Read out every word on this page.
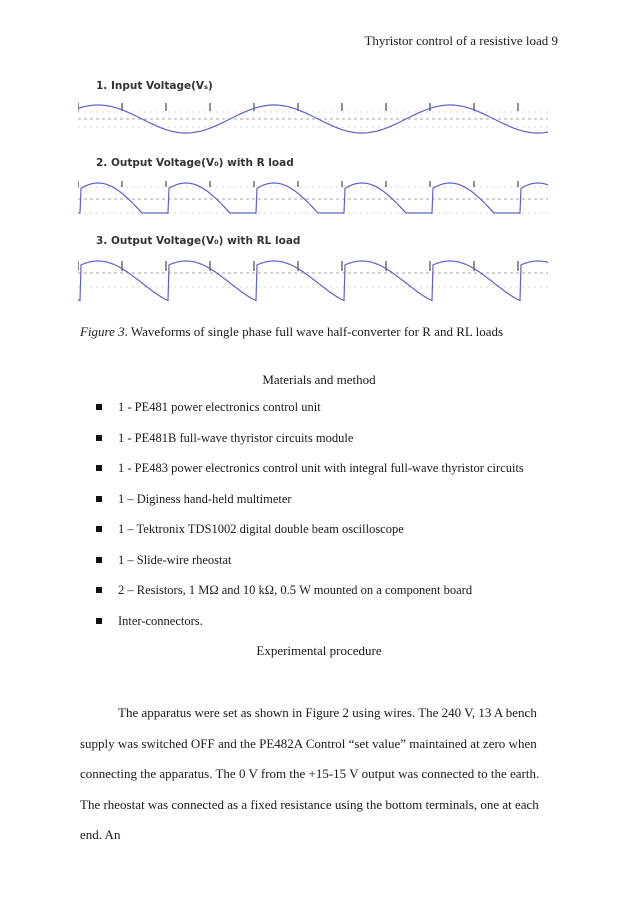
Thyristor control of a resistive load 9
1. Input Voltage(Vₛ)
2. Output Voltage(V₀) with R load
3. Output Voltage(V₀) with RL load
Figure 3. Waveforms of single phase full wave half-converter for R and RL loads
Materials and method
1 - PE481 power electronics control unit
1 - PE481B full-wave thyristor circuits module
1 - PE483 power electronics control unit with integral full-wave thyristor circuits
1 – Diginess hand-held multimeter
1 – Tektronix TDS1002 digital double beam oscilloscope
1 – Slide-wire rheostat
2 – Resistors, 1 MΩ and 10 kΩ, 0.5 W mounted on a component board
Inter-connectors.
Experimental procedure
The apparatus were set as shown in Figure 2 using wires. The 240 V, 13 A bench supply was switched OFF and the PE482A Control “set value” maintained at zero when connecting the apparatus. The 0 V from the +15-15 V output was connected to the earth. The rheostat was connected as a fixed resistance using the bottom terminals, one at each end. An
